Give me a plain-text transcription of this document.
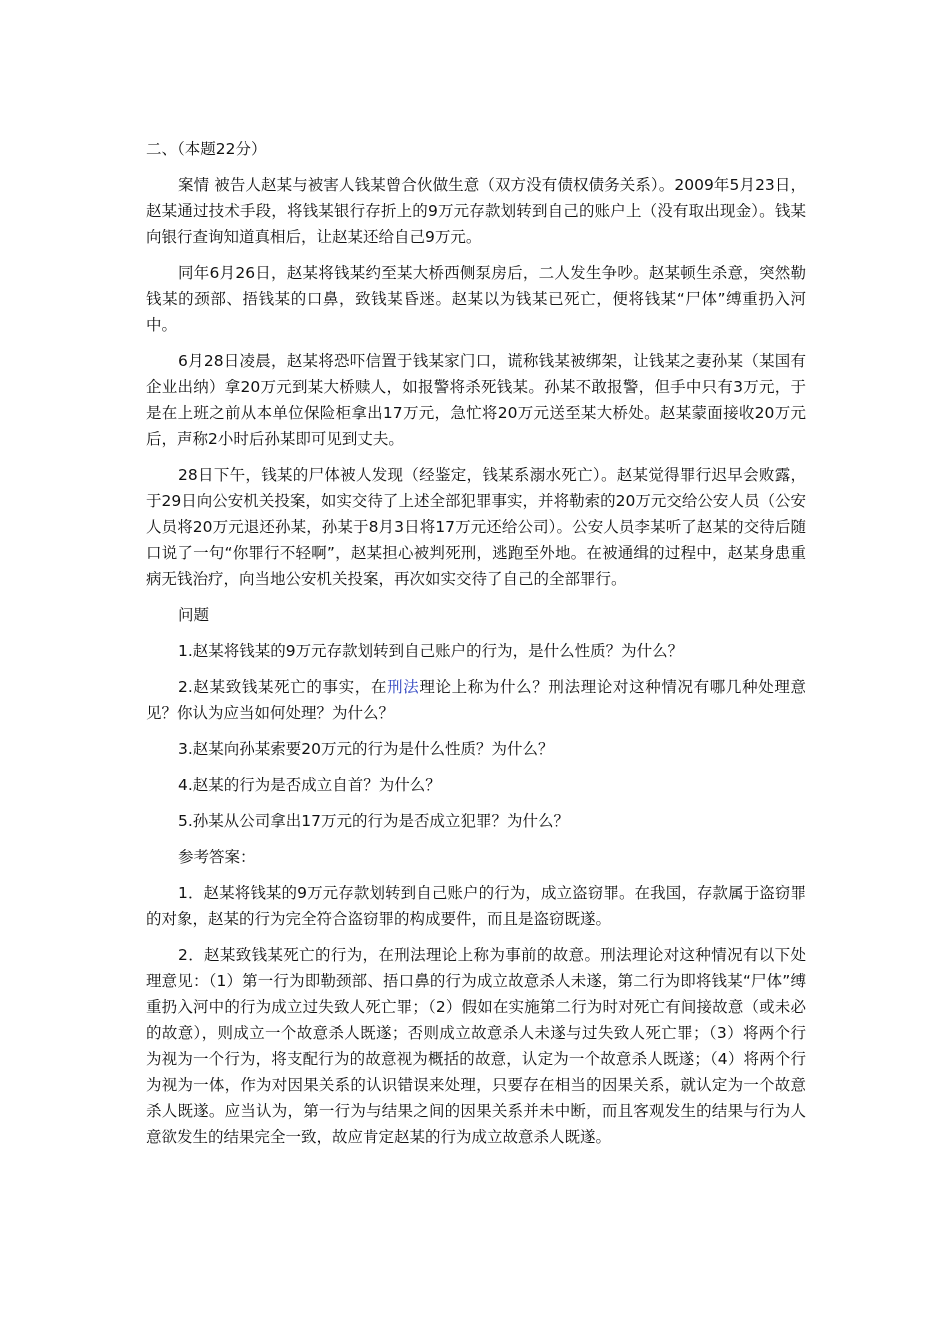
二、（本题22分）

案情 被告人赵某与被害人钱某曾合伙做生意（双方没有债权债务关系）。2009年5月23日，赵某通过技术手段，将钱某银行存折上的9万元存款划转到自己的账户上（没有取出现金）。钱某向银行查询知道真相后，让赵某还给自己9万元。

同年6月26日，赵某将钱某约至某大桥西侧泵房后，二人发生争吵。赵某顿生杀意，突然勒钱某的颈部、捂钱某的口鼻，致钱某昏迷。赵某以为钱某已死亡，便将钱某“尸体”缚重扔入河中。

6月28日凌晨，赵某将恐吓信置于钱某家门口，谎称钱某被绑架，让钱某之妻孙某（某国有企业出纳）拿20万元到某大桥赎人，如报警将杀死钱某。孙某不敢报警，但手中只有3万元，于是在上班之前从本单位保险柜拿出17万元，急忙将20万元送至某大桥处。赵某蒙面接收20万元后，声称2小时后孙某即可见到丈夫。

28日下午，钱某的尸体被人发现（经鉴定，钱某系溺水死亡）。赵某觉得罪行迟早会败露，于29日向公安机关投案，如实交待了上述全部犯罪事实，并将勒索的20万元交给公安人员（公安人员将20万元退还孙某，孙某于8月3日将17万元还给公司）。公安人员李某听了赵某的交待后随口说了一句“你罪行不轻啊”，赵某担心被判死刑，逃跑至外地。在被通缉的过程中，赵某身患重病无钱治疗，向当地公安机关投案，再次如实交待了自己的全部罪行。

问题

1.赵某将钱某的9万元存款划转到自己账户的行为，是什么性质？为什么？

2.赵某致钱某死亡的事实，在刑法理论上称为什么？刑法理论对这种情况有哪几种处理意见？你认为应当如何处理？为什么？

3.赵某向孙某索要20万元的行为是什么性质？为什么？

4.赵某的行为是否成立自首？为什么？

5.孙某从公司拿出17万元的行为是否成立犯罪？为什么？

参考答案：

1．赵某将钱某的9万元存款划转到自己账户的行为，成立盗窃罪。在我国，存款属于盗窃罪的对象，赵某的行为完全符合盗窃罪的构成要件，而且是盗窃既遂。

2．赵某致钱某死亡的行为，在刑法理论上称为事前的故意。刑法理论对这种情况有以下处理意见：（1）第一行为即勒颈部、捂口鼻的行为成立故意杀人未遂，第二行为即将钱某“尸体”缚重扔入河中的行为成立过失致人死亡罪；（2）假如在实施第二行为时对死亡有间接故意（或未必的故意），则成立一个故意杀人既遂；否则成立故意杀人未遂与过失致人死亡罪；（3）将两个行为视为一个行为，将支配行为的故意视为概括的故意，认定为一个故意杀人既遂；（4）将两个行为视为一体，作为对因果关系的认识错误来处理，只要存在相当的因果关系，就认定为一个故意杀人既遂。应当认为，第一行为与结果之间的因果关系并未中断，而且客观发生的结果与行为人意欲发生的结果完全一致，故应肯定赵某的行为成立故意杀人既遂。
